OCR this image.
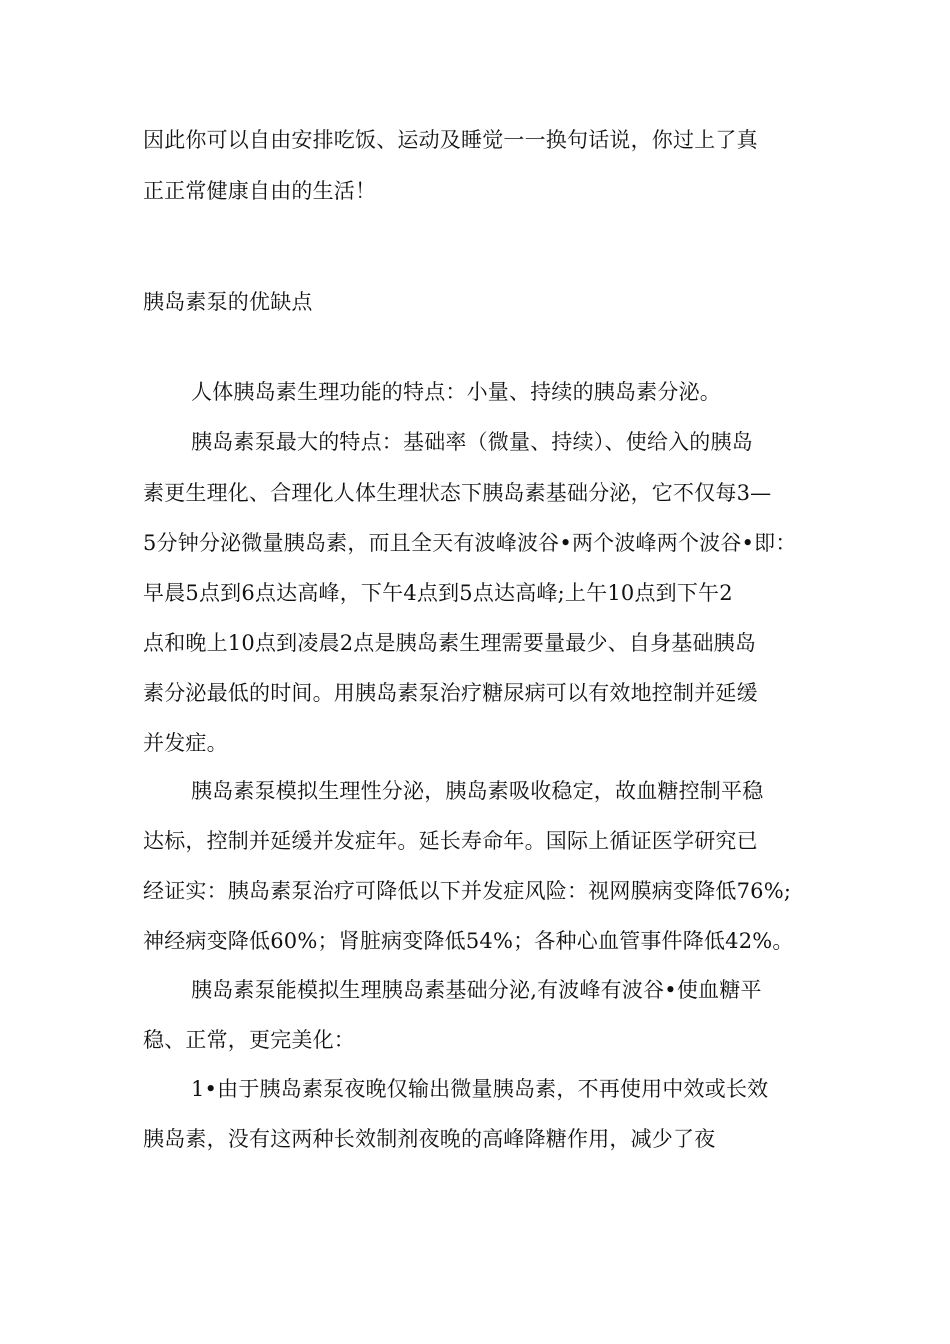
因此你可以自由安排吃饭、运动及睡觉一一换句话说，你过上了真
正正常健康自由的生活！
胰岛素泵的优缺点
人体胰岛素生理功能的特点：小量、持续的胰岛素分泌。
胰岛素泵最大的特点：基础率（微量、持续）、使给入的胰岛
素更生理化、合理化人体生理状态下胰岛素基础分泌，它不仅每3—
5分钟分泌微量胰岛素，而且全天有波峰波谷•两个波峰两个波谷•即：
早晨5点到6点达高峰，下午4点到5点达高峰;上午10点到下午2
点和晚上10点到凌晨2点是胰岛素生理需要量最少、自身基础胰岛
素分泌最低的时间。用胰岛素泵治疗糖尿病可以有效地控制并延缓
并发症。
胰岛素泵模拟生理性分泌，胰岛素吸收稳定，故血糖控制平稳
达标，控制并延缓并发症年。延长寿命年。国际上循证医学研究已
经证实：胰岛素泵治疗可降低以下并发症风险：视网膜病变降低76%;
神经病变降低60%；肾脏病变降低54%；各种心血管事件降低42%。
胰岛素泵能模拟生理胰岛素基础分泌,有波峰有波谷•使血糖平
稳、正常，更完美化：
1•由于胰岛素泵夜晚仅输出微量胰岛素，不再使用中效或长效
胰岛素，没有这两种长效制剂夜晚的高峰降糖作用，减少了夜
